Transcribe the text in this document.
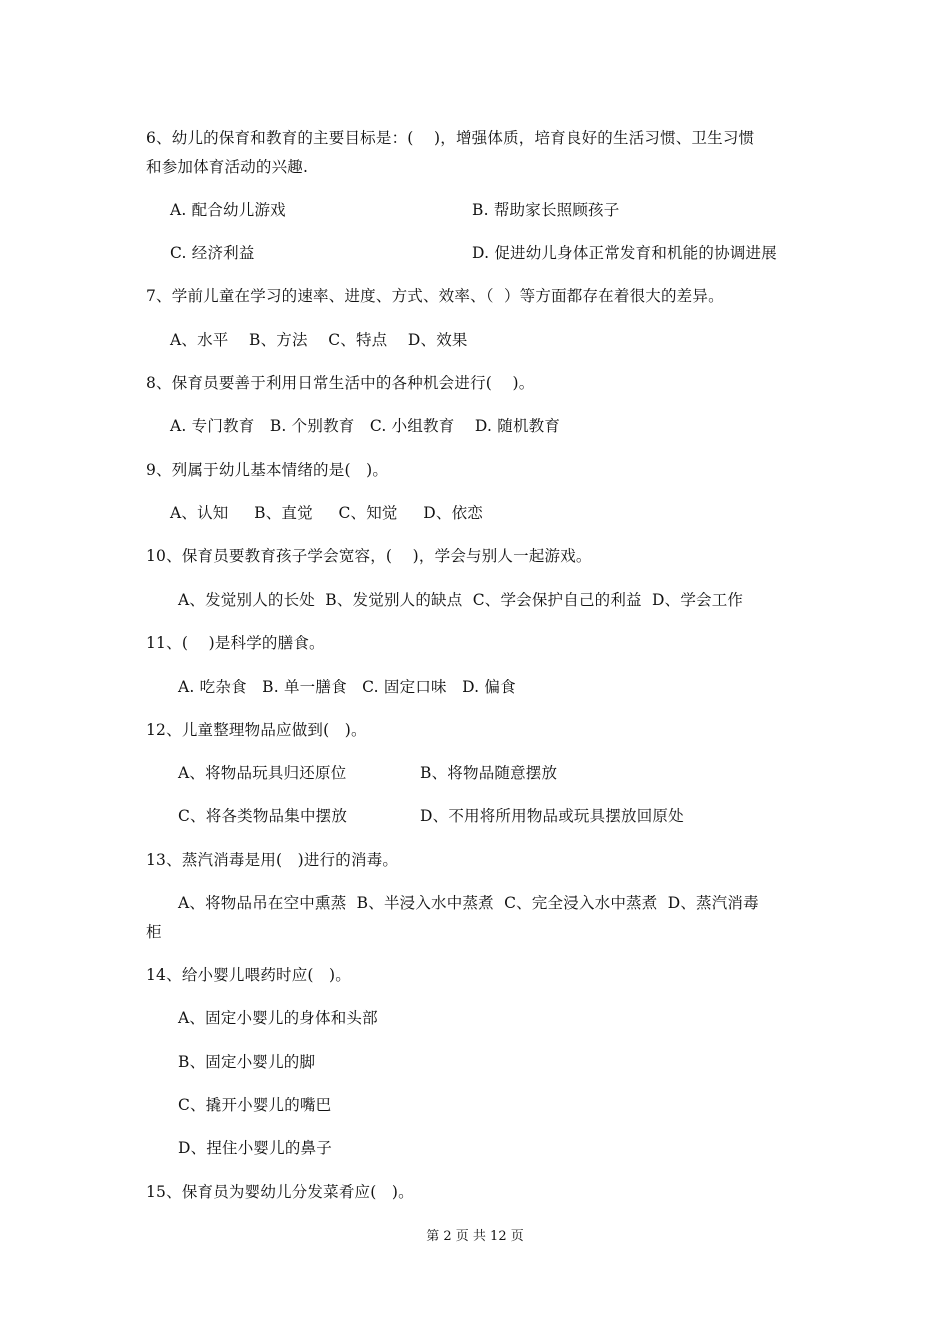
6、幼儿的保育和教育的主要目标是：(    )，增强体质，培育良好的生活习惯、卫生习惯
和参加体育活动的兴趣.
A. 配合幼儿游戏	B. 帮助家长照顾孩子
C. 经济利益	D. 促进幼儿身体正常发育和机能的协调进展
7、学前儿童在学习的速率、进度、方式、效率、（  ）等方面都存在着很大的差异。
A、水平    B、方法    C、特点    D、效果
8、保育员要善于利用日常生活中的各种机会进行(    )。
A. 专门教育   B. 个别教育   C. 小组教育    D. 随机教育
9、列属于幼儿基本情绪的是(   )。
A、认知     B、直觉     C、知觉     D、依恋
10、保育员要教育孩子学会宽容，(    )，学会与别人一起游戏。
A、发觉别人的长处  B、发觉别人的缺点  C、学会保护自己的利益  D、学会工作
11、(    )是科学的膳食。
A. 吃杂食   B. 单一膳食   C. 固定口味   D. 偏食
12、儿童整理物品应做到(   )。
A、将物品玩具归还原位	B、将物品随意摆放
C、将各类物品集中摆放	D、不用将所用物品或玩具摆放回原处
13、蒸汽消毒是用(   )进行的消毒。
A、将物品吊在空中熏蒸  B、半浸入水中蒸煮  C、完全浸入水中蒸煮  D、蒸汽消毒
柜
14、给小婴儿喂药时应(   )。
A、固定小婴儿的身体和头部
B、固定小婴儿的脚
C、撬开小婴儿的嘴巴
D、捏住小婴儿的鼻子
15、保育员为婴幼儿分发菜肴应(   )。
第 2 页 共 12 页
